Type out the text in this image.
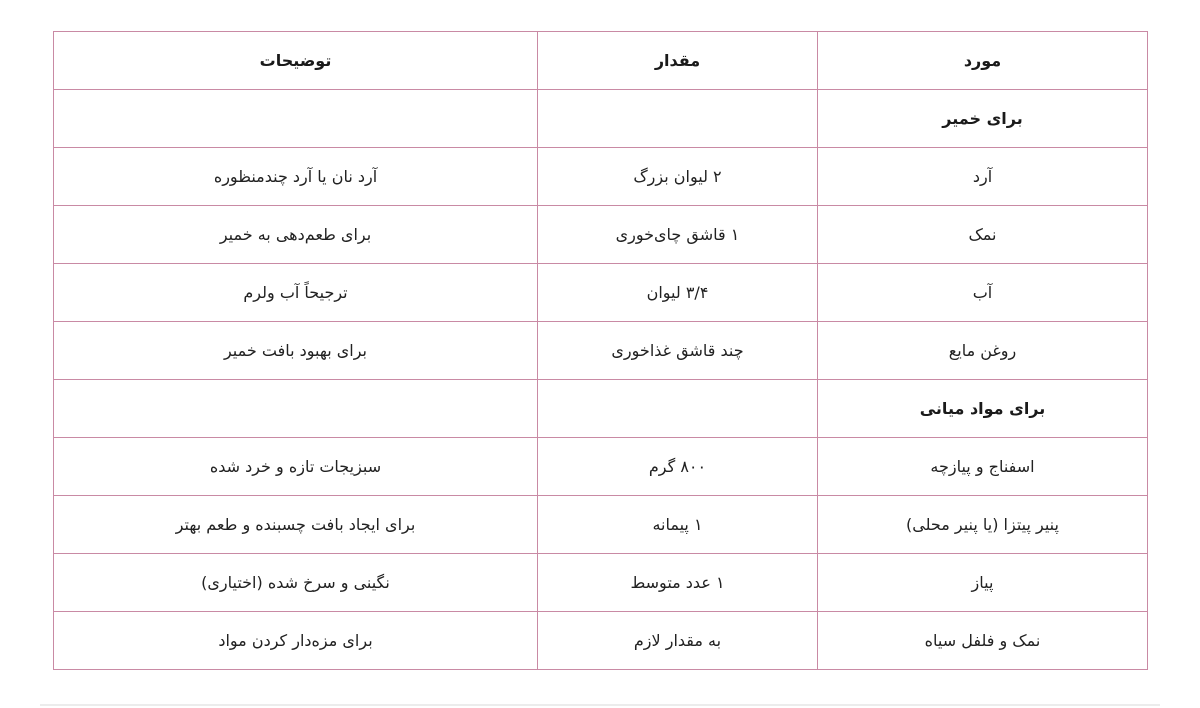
مورد	مقدار	توضیحات
برای خمیر		
آرد	۲ لیوان بزرگ	آرد نان یا آرد چندمنظوره
نمک	۱ قاشق چای‌خوری	برای طعم‌دهی به خمیر
آب	۳/۴ لیوان	ترجیحاً آب ولرم
روغن مایع	چند قاشق غذاخوری	برای بهبود بافت خمیر
برای مواد میانی		
اسفناج و پیازچه	۸۰۰ گرم	سبزیجات تازه و خرد شده
پنیر پیتزا (یا پنیر محلی)	۱ پیمانه	برای ایجاد بافت چسبنده و طعم بهتر
پیاز	۱ عدد متوسط	نگینی و سرخ شده (اختیاری)
نمک و فلفل سیاه	به مقدار لازم	برای مزه‌دار کردن مواد
